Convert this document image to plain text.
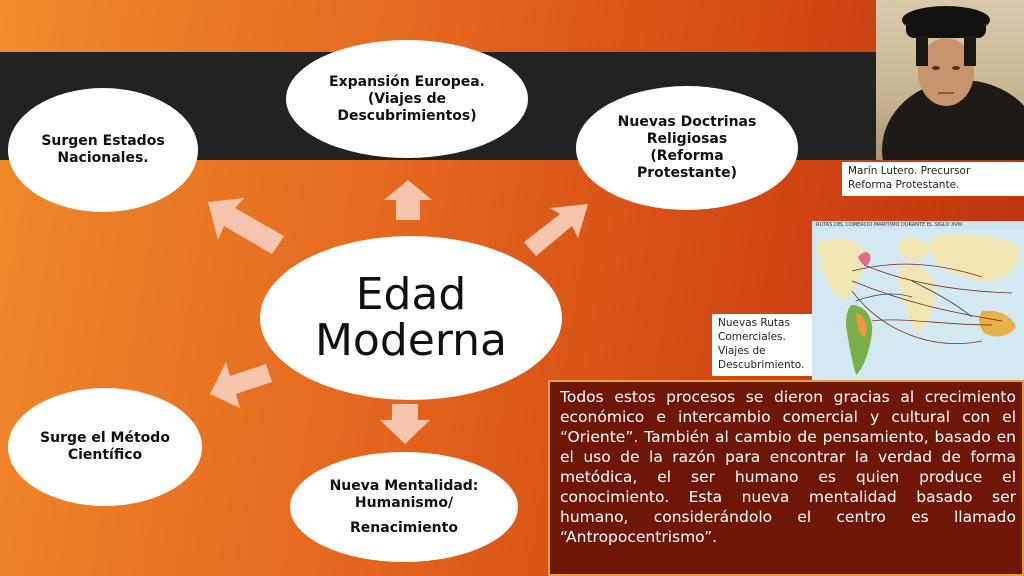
Surgen Estados
Nacionales.
Expansión Europea.
(Viajes de
Descubrimientos)	Nuevas Doctrinas
Religiosas
(Reforma
Protestante)
Edad
Moderna
Surge el Método
Científico
Nueva Mentalidad:
Humanismo/
Renacimiento
Marín Lutero. Precursor
Reforma Protestante.
RUTAS DEL COMERCIO MARÍTIMO DURANTE EL SIGLO XVIII
Nuevas Rutas
Comerciales.
Viajes de
Descubrimiento.
Todos estos procesos se dieron gracias al crecimiento económico e intercambio comercial y cultural con el “Oriente”. También al cambio de pensamiento, basado en el uso de la razón para encontrar la verdad de forma metódica, el ser humano es quien produce el conocimiento. Esta nueva mentalidad basado ser humano, considerándolo el centro es llamado “Antropocentrismo”.
